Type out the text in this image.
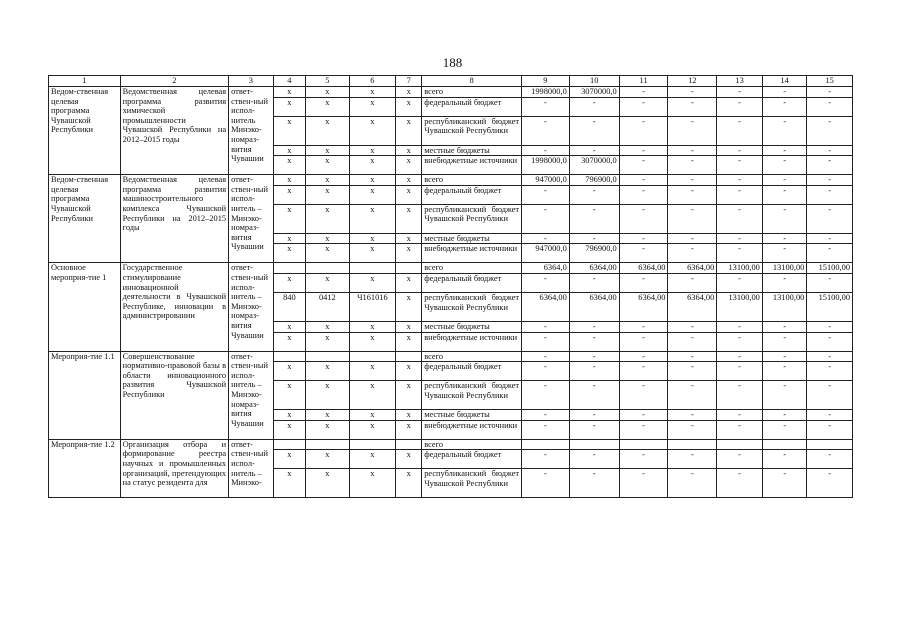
188
1	2	3	4	5	6	7	8	9	10	11	12	13	14	15
Ведом-ственная целевая программа Чувашской Республики	Ведомственная целевая программа развития химической промышленности Чувашской Республики на 2012–2015 годы	ответ-ствен-ный испол-нитель Минэко-номраз-вития Чувашии	x	x	x	x	всего	1998000,0	3070000,0	-	-	-	-	-
			x	x	x	x	федеральный бюджет	-	-	-	-	-	-	-
			x	x	x	x	республиканский бюджет Чувашской Республики	-	-	-	-	-	-	-
			x	x	x	x	местные бюджеты	-	-	-	-	-	-	-
			x	x	x	x	внебюджетные источники	1998000,0	3070000,0	-	-	-	-	-
Ведом-ственная целевая программа Чувашской Республики	Ведомственная целевая программа развития машиностроительного комплекса Чувашской Республики на 2012–2015 годы	ответ-ствен-ный испол-нитель – Минэко-номраз-вития Чувашии	x	x	x	x	всего	947000,0	796900,0	-	-	-	-	-
			x	x	x	x	федеральный бюджет	-	-	-	-	-	-	-
			x	x	x	x	республиканский бюджет Чувашской Республики	-	-	-	-	-	-	-
			x	x	x	x	местные бюджеты	-	-	-	-	-	-	-
			x	x	x	x	внебюджетные источники	947000,0	796900,0	-	-	-	-	-
Основное мероприя-тие 1	Государственное стимулирование инновационной деятельности в Чувашской Республике, инновации в администрировании	ответ-ствен-ный испол-нитель – Минэко-номраз-вития Чувашии					всего	6364,0	6364,00	6364,00	6364,00	13100,00	13100,00	15100,00
			x	x	x	x	федеральный бюджет	-	-	-	-	-	-	-
			840	0412	Ч161016	x	республиканский бюджет Чувашской Республики	6364,00	6364,00	6364,00	6364,00	13100,00	13100,00	15100,00
			x	x	x	x	местные бюджеты	-	-	-	-	-	-	-
			x	x	x	x	внебюджетные источники	-	-	-	-	-	-	-
Мероприя-тие 1.1	Совершенствование нормативно-правовой базы в области инновационного развития Чувашской Республики	ответ-ствен-ный испол-нитель – Минэко-номраз-вития Чувашии					всего	-	-	-	-	-	-	-
			x	x	x	x	федеральный бюджет	-	-	-	-	-	-	-
			x	x	x	x	республиканский бюджет Чувашской Республики	-	-	-	-	-	-	-
			x	x	x	x	местные бюджеты	-	-	-	-	-	-	-
			x	x	x	x	внебюджетные источники	-	-	-	-	-	-	-
Мероприя-тие 1.2	Организация отбора и формирование реестра научных и промышленных организаций, претендующих на статус резидента для	ответ-ствен-ный испол-нитель – Минэко-					всего							
			x	x	x	x	федеральный бюджет	-	-	-	-	-	-	-
			x	x	x	x	республиканский бюджет Чувашской Республики	-	-	-	-	-	-	-
